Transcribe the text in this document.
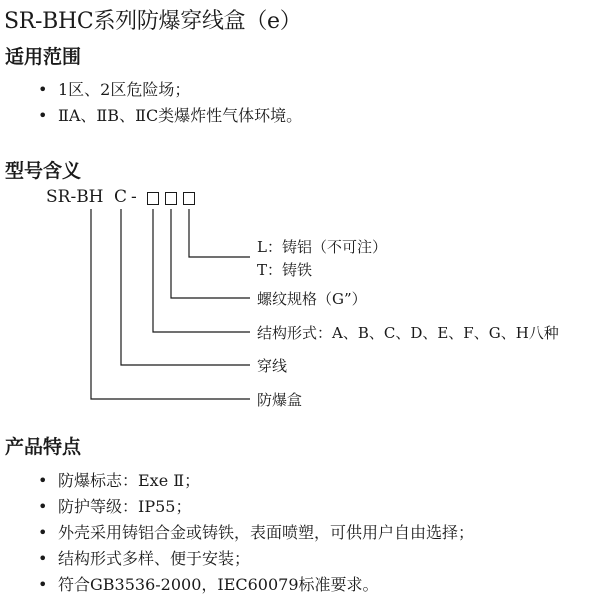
SR-BHC系列防爆穿线盒（e）
适用范围
• 1区、2区危险场；
• ⅡA、ⅡB、ⅡC类爆炸性气体环境。
型号含义
SR-BH C -
L：铸铝（不可注）
T：铸铁
螺纹规格（G”）
结构形式：A、B、C、D、E、F、G、H八种
穿线
防爆盒
产品特点
• 防爆标志：Exe Ⅱ；
• 防护等级：IP55；
• 外壳采用铸铝合金或铸铁，表面喷塑，可供用户自由选择；
• 结构形式多样、便于安装；
• 符合GB3536-2000，IEC60079标准要求。
